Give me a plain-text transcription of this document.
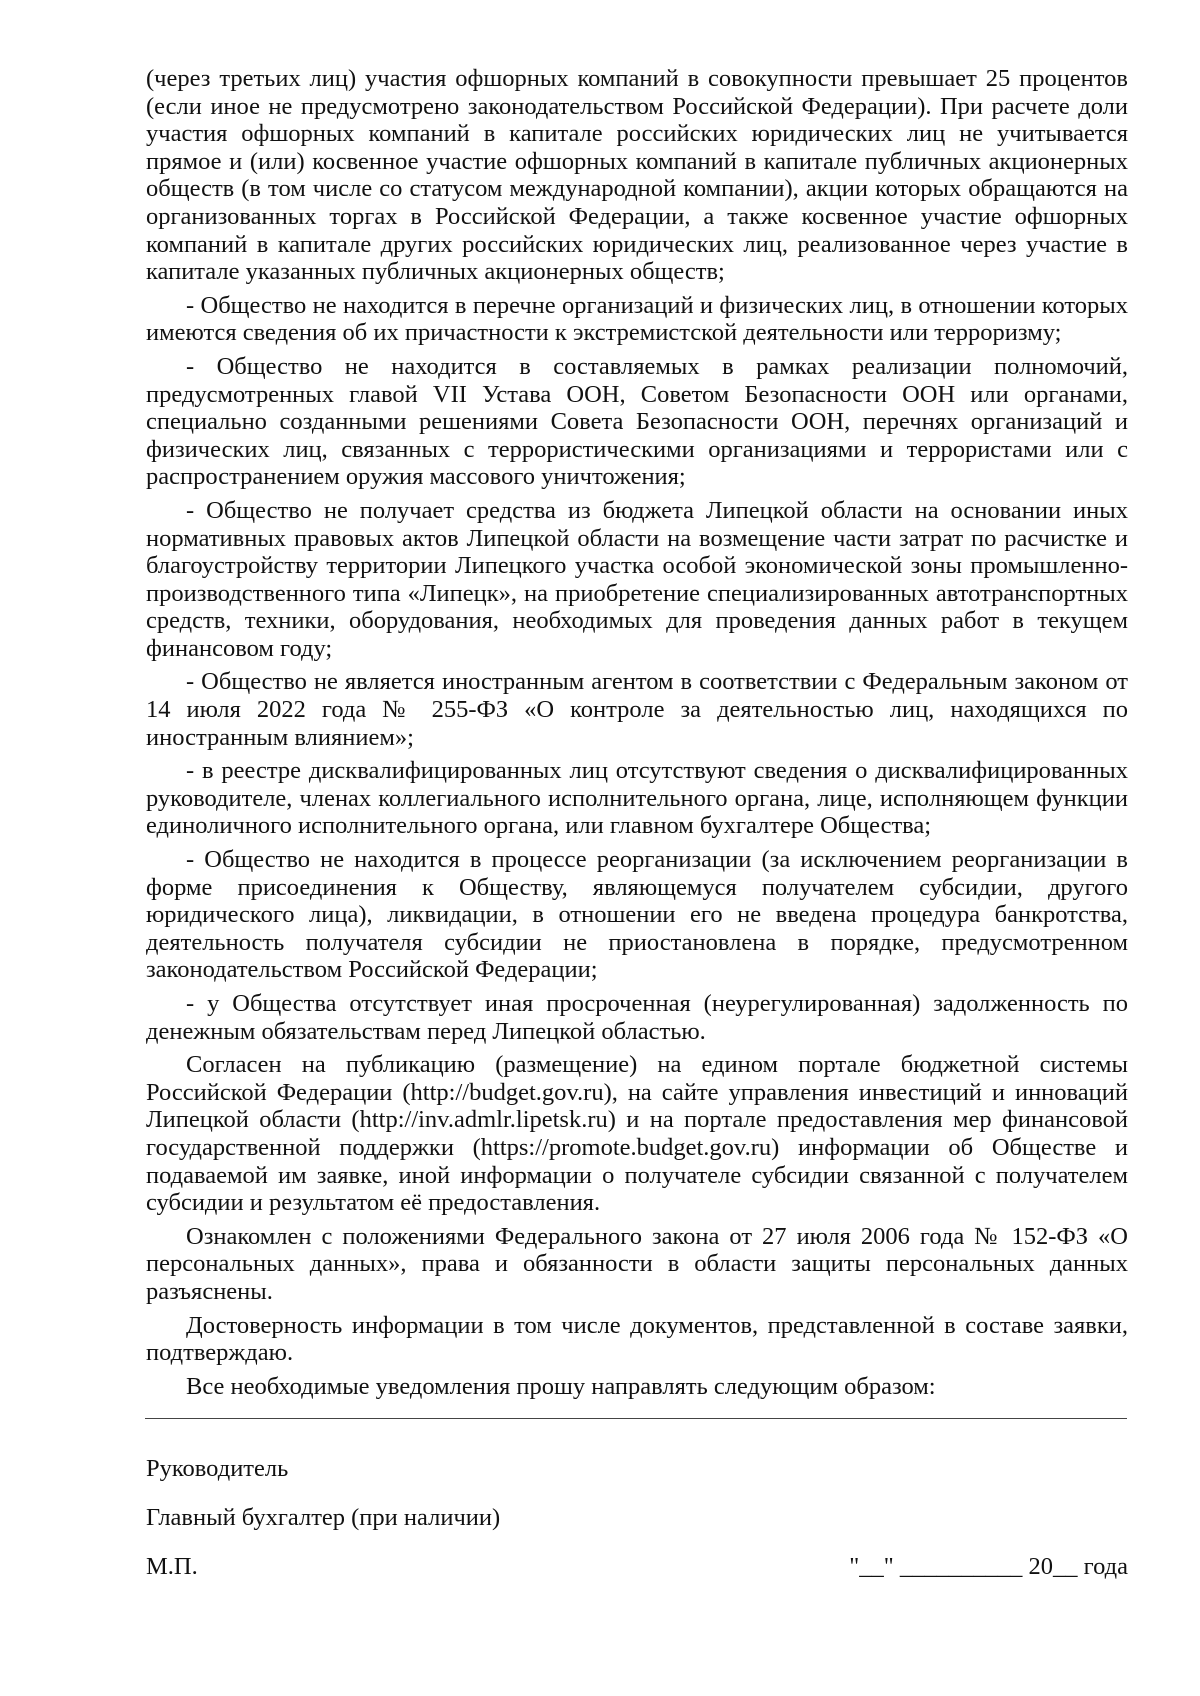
(через третьих лиц) участия офшорных компаний в совокупности превышает 25 процентов (если иное не предусмотрено законодательством Российской Федерации). При расчете доли участия офшорных компаний в капитале российских юридических лиц не учитывается прямое и (или) косвенное участие офшорных компаний в капитале публичных акционерных обществ (в том числе со статусом международной компании), акции которых обращаются на организованных торгах в Российской Федерации, а также косвенное участие офшорных компаний в капитале других российских юридических лиц, реализованное через участие в капитале указанных публичных акционерных обществ;

- Общество не находится в перечне организаций и физических лиц, в отношении которых имеются сведения об их причастности к экстремистской деятельности или терроризму;

- Общество не находится в составляемых в рамках реализации полномочий, предусмотренных главой VII Устава ООН, Советом Безопасности ООН или органами, специально созданными решениями Совета Безопасности ООН, перечнях организаций и физических лиц, связанных с террористическими организациями и террористами или с распространением оружия массового уничтожения;

- Общество не получает средства из бюджета Липецкой области на основании иных нормативных правовых актов Липецкой области на возмещение части затрат по расчистке и благоустройству территории Липецкого участка особой экономической зоны промышленно-производственного типа «Липецк», на приобретение специализированных автотранспортных средств, техники, оборудования, необходимых для проведения данных работ в текущем финансовом году;

- Общество не является иностранным агентом в соответствии с Федеральным законом от 14 июля 2022 года № 255-ФЗ «О контроле за деятельностью лиц, находящихся по иностранным влиянием»;

- в реестре дисквалифицированных лиц отсутствуют сведения о дисквалифицированных руководителе, членах коллегиального исполнительного органа, лице, исполняющем функции единоличного исполнительного органа, или главном бухгалтере Общества;

- Общество не находится в процессе реорганизации (за исключением реорганизации в форме присоединения к Обществу, являющемуся получателем субсидии, другого юридического лица), ликвидации, в отношении его не введена процедура банкротства, деятельность получателя субсидии не приостановлена в порядке, предусмотренном законодательством Российской Федерации;

- у Общества отсутствует иная просроченная (неурегулированная) задолженность по денежным обязательствам перед Липецкой областью.

Согласен на публикацию (размещение) на едином портале бюджетной системы Российской Федерации (http://budget.gov.ru), на сайте управления инвестиций и инноваций Липецкой области (http://inv.admlr.lipetsk.ru) и на портале предоставления мер финансовой государственной поддержки (https://promote.budget.gov.ru) информации об Обществе и подаваемой им заявке, иной информации о получателе субсидии связанной с получателем субсидии и результатом её предоставления.

Ознакомлен с положениями Федерального закона от 27 июля 2006 года № 152-ФЗ «О персональных данных», права и обязанности в области защиты персональных данных разъяснены.

Достоверность информации в том числе документов, представленной в составе заявки, подтверждаю.

Все необходимые уведомления прошу направлять следующим образом:

Руководитель

Главный бухгалтер (при наличии)

М.П.	"__" __________ 20__ года
